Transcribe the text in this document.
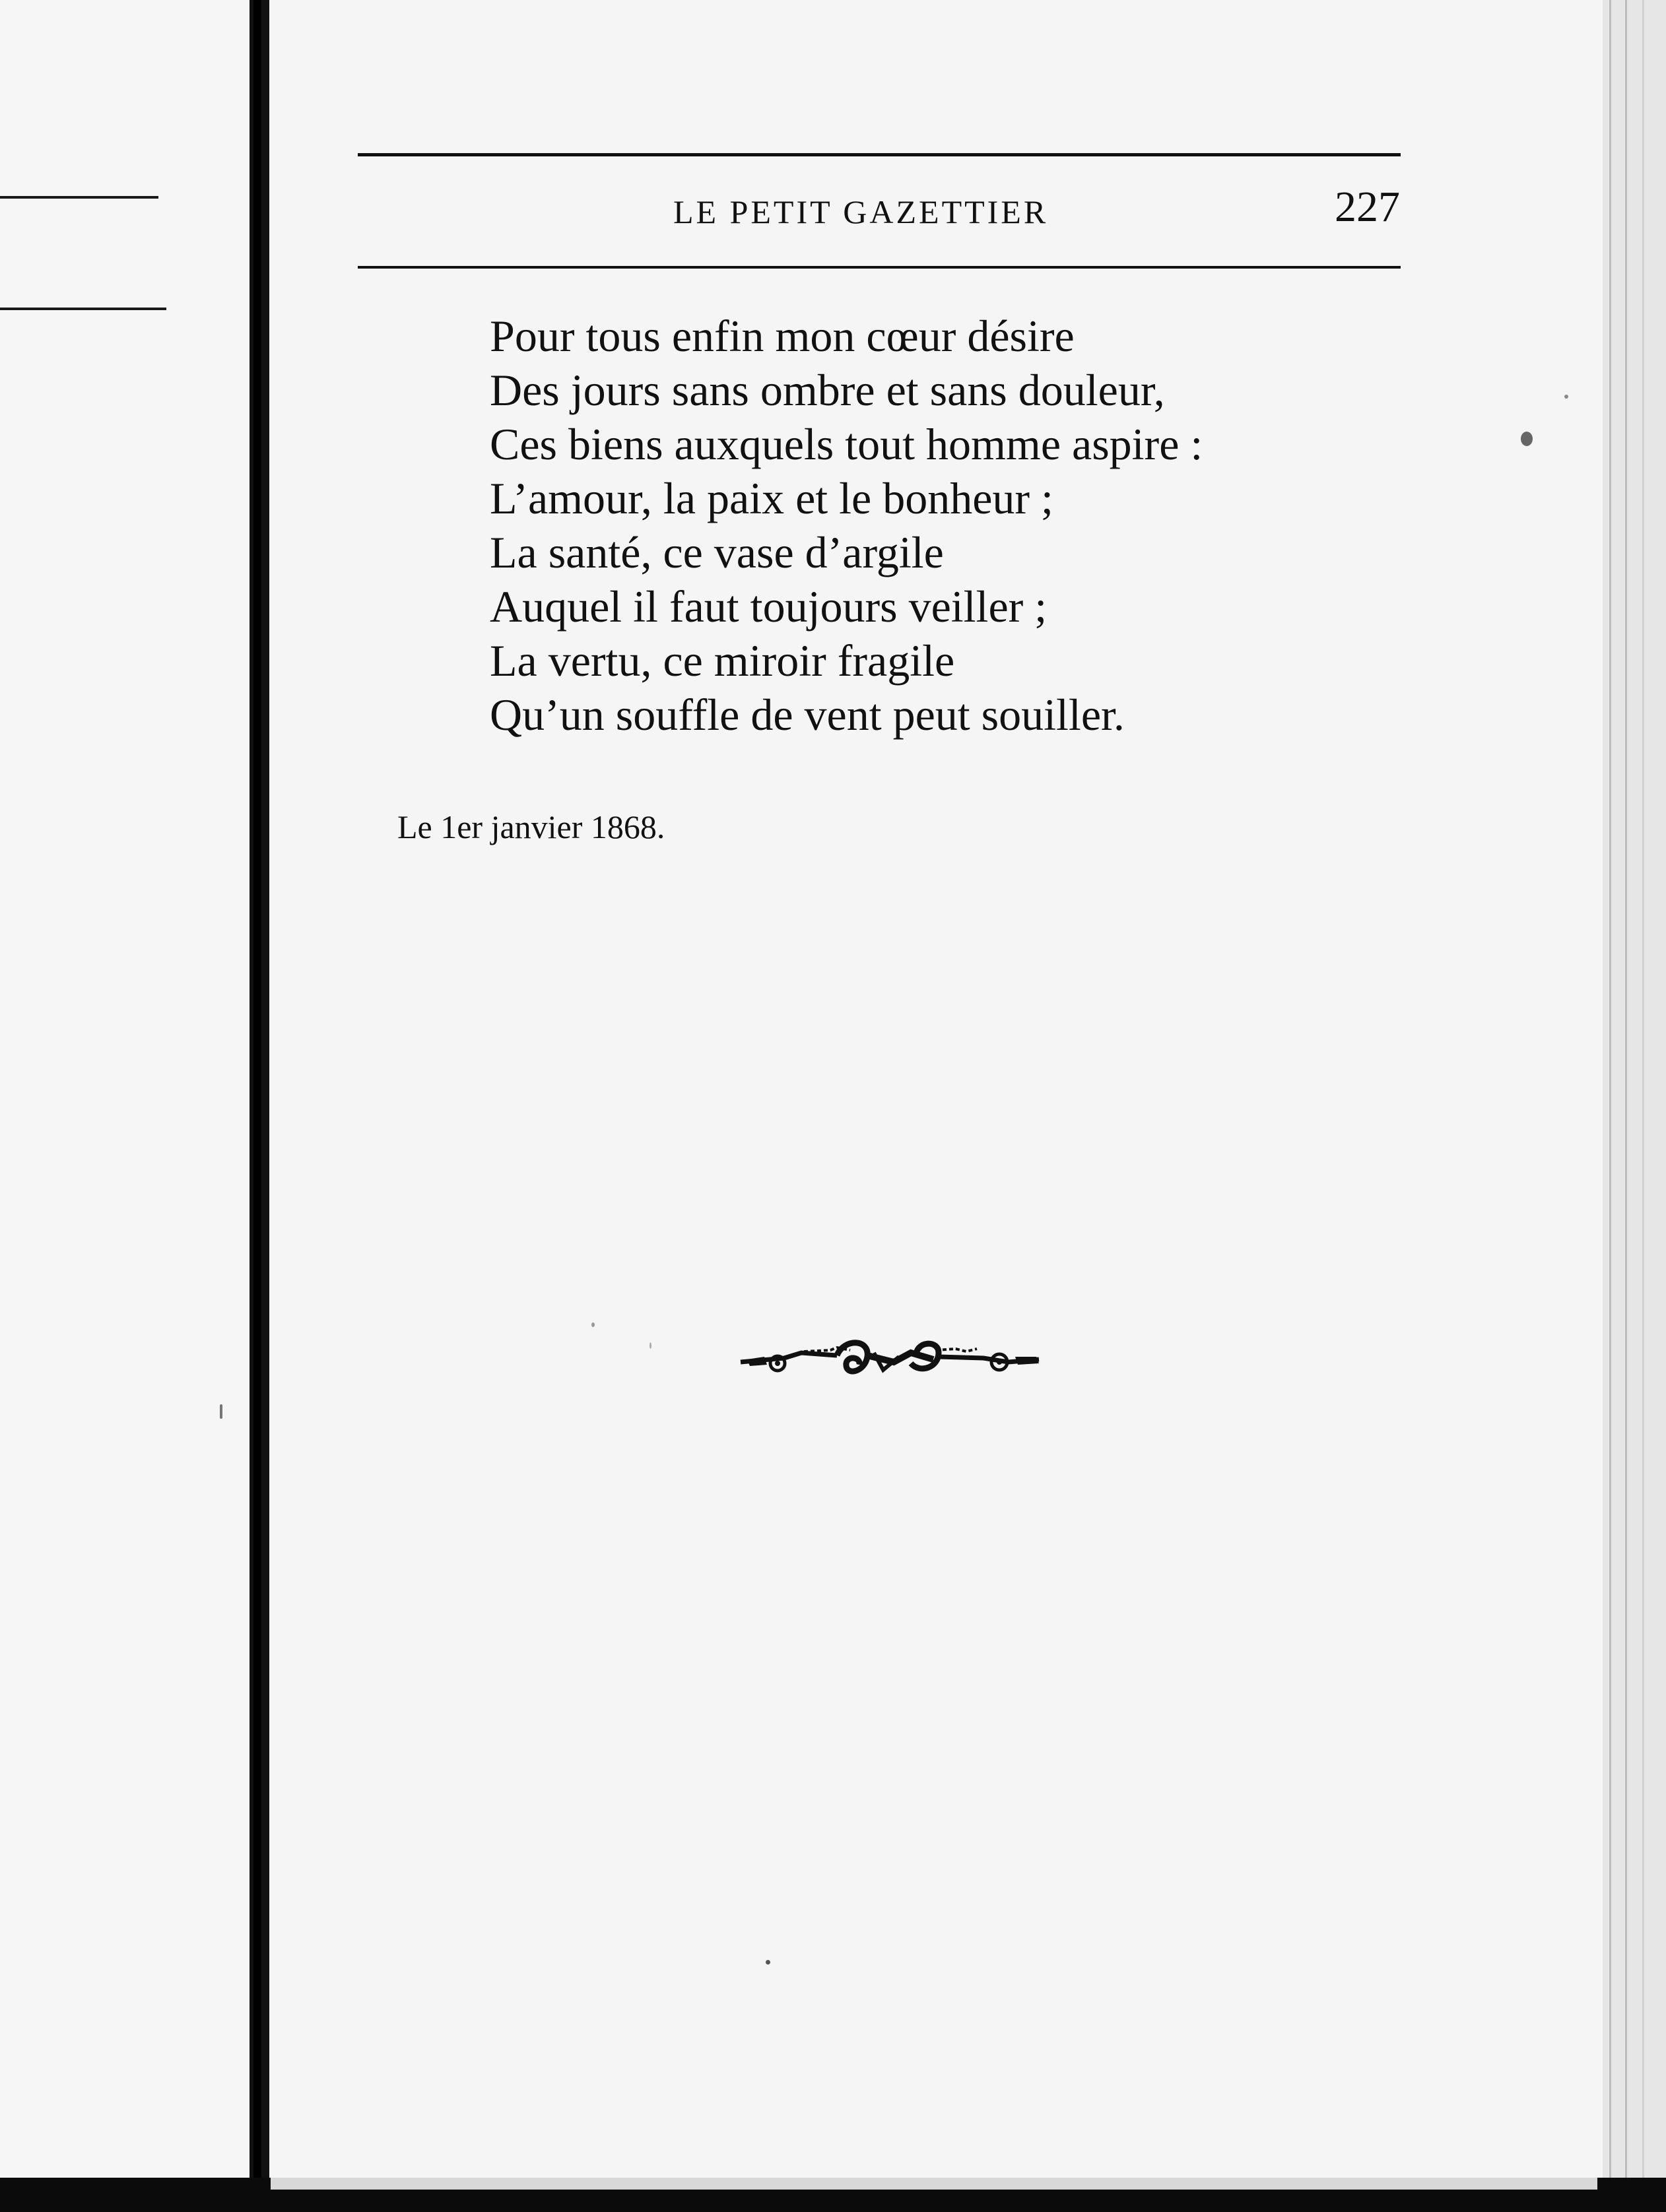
LE PETIT GAZETTIER	227
Pour tous enfin mon cœur désire
Des jours sans ombre et sans douleur,
Ces biens auxquels tout homme aspire :
L’amour, la paix et le bonheur ;
La santé, ce vase d’argile
Auquel il faut toujours veiller ;
La vertu, ce miroir fragile
Qu’un souffle de vent peut souiller.
Le 1er janvier 1868.
